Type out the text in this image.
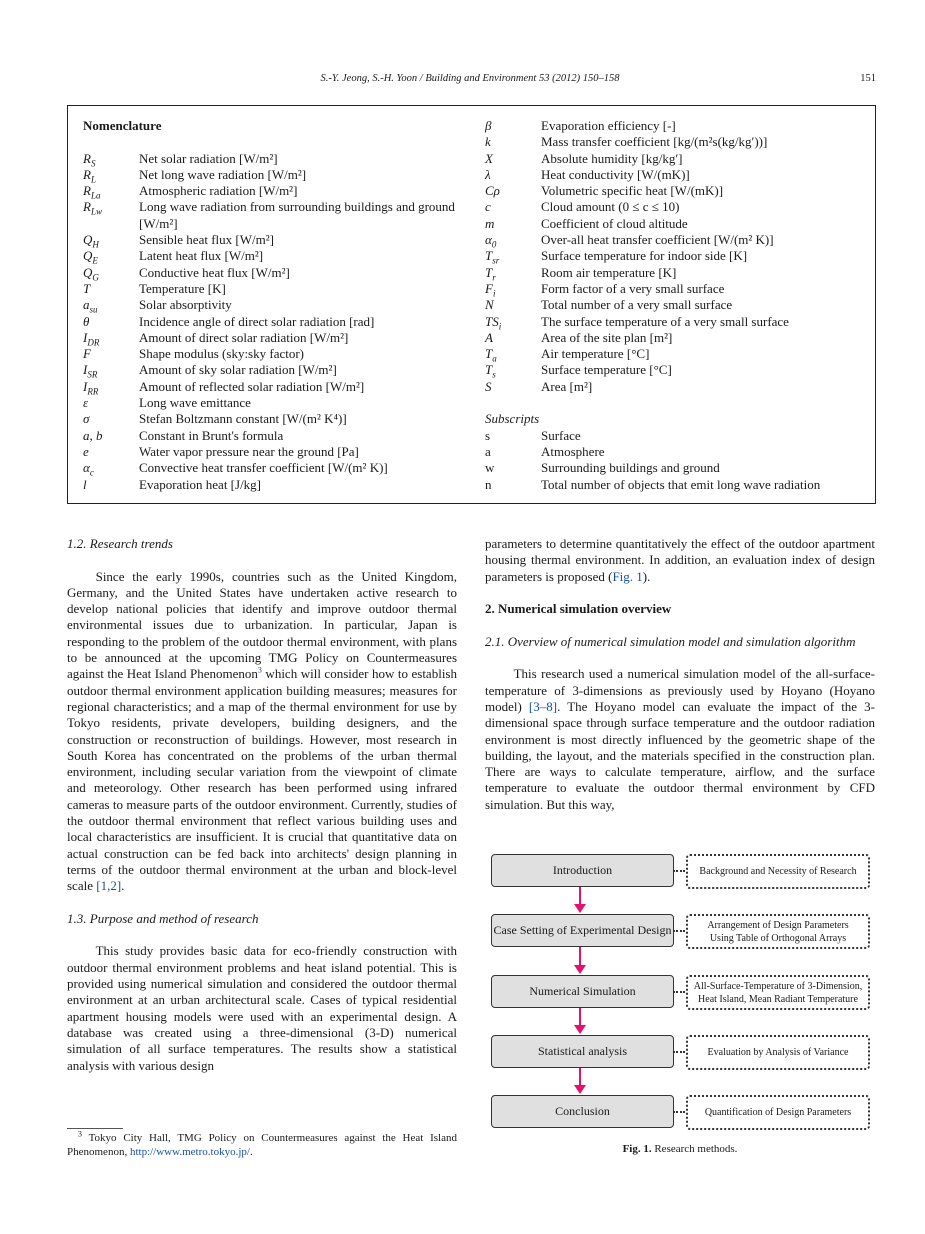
S.-Y. Jeong, S.-H. Yoon / Building and Environment 53 (2012) 150–158	151
Nomenclature
$R_S$	Net solar radiation [W/m²]
$R_L$	Net long wave radiation [W/m²]
$R_{La}$	Atmospheric radiation [W/m²]
$R_{Lw}$	Long wave radiation from surrounding buildings and ground [W/m²]
$Q_H$	Sensible heat flux [W/m²]
$Q_E$	Latent heat flux [W/m²]
$Q_G$	Conductive heat flux [W/m²]
T	Temperature [K]
$a_{su}$	Solar absorptivity
θ	Incidence angle of direct solar radiation [rad]
$I_{DR}$	Amount of direct solar radiation [W/m²]
F	Shape modulus (sky:sky factor)
$I_{SR}$	Amount of sky solar radiation [W/m²]
$I_{RR}$	Amount of reflected solar radiation [W/m²]
ε	Long wave emittance
σ	Stefan Boltzmann constant [W/(m² K⁴)]
a, b	Constant in Brunt's formula
e	Water vapor pressure near the ground [Pa]
$\alpha_c$	Convective heat transfer coefficient [W/(m² K)]
l	Evaporation heat [J/kg]
β	Evaporation efficiency [-]
k	Mass transfer coefficient [kg/(m²s(kg/kg′))]
X	Absolute humidity [kg/kg′]
λ	Heat conductivity [W/(mK)]
Cρ	Volumetric specific heat [W/(mK)]
c	Cloud amount (0 ≤ c ≤ 10)
m	Coefficient of cloud altitude
$\alpha_0$	Over-all heat transfer coefficient [W/(m² K)]
$T_{sr}$	Surface temperature for indoor side [K]
$T_r$	Room air temperature [K]
$F_i$	Form factor of a very small surface
N	Total number of a very small surface
$TS_i$	The surface temperature of a very small surface
A	Area of the site plan [m²]
$T_a$	Air temperature [°C]
$T_s$	Surface temperature [°C]
S	Area [m²]
Subscripts
s	Surface
a	Atmosphere
w	Surrounding buildings and ground
n	Total number of objects that emit long wave radiation

1.2. Research trends

Since the early 1990s, countries such as the United Kingdom, Germany, and the United States have undertaken active research to develop national policies that identify and improve outdoor thermal environmental issues due to urbanization. In particular, Japan is responding to the problem of the outdoor thermal environment, with plans to be announced at the upcoming TMG Policy on Countermeasures against the Heat Island Phenomenon$^3$ which will consider how to establish outdoor thermal environment application building measures; measures for regional characteristics; and a map of the thermal environment for use by Tokyo residents, private developers, building designers, and the construction or reconstruction of buildings. However, most research in South Korea has concentrated on the problems of the urban thermal environment, including secular variation from the viewpoint of climate and meteorology. Other research has been performed using infrared cameras to measure parts of the outdoor environment. Currently, studies of the outdoor thermal environment that reflect various building uses and local characteristics are insufficient. It is crucial that quantitative data on actual construction can be fed back into architects' design planning in terms of the outdoor thermal environment at the urban and block-level scale [1,2].

1.3. Purpose and method of research

This study provides basic data for eco-friendly construction with outdoor thermal environment problems and heat island potential. This is provided using numerical simulation and considered the outdoor thermal environment at an urban architectural scale. Cases of typical residential apartment housing models were used with an experimental design. A database was created using a three-dimensional (3-D) numerical simulation of all surface temperatures. The results show a statistical analysis with various design

$^3$ Tokyo City Hall, TMG Policy on Countermeasures against the Heat Island Phenomenon, http://www.metro.tokyo.jp/.

parameters to determine quantitatively the effect of the outdoor apartment housing thermal environment. In addition, an evaluation index of design parameters is proposed (Fig. 1).

2. Numerical simulation overview

2.1. Overview of numerical simulation model and simulation algorithm

This research used a numerical simulation model of the all-surface-temperature of 3-dimensions as previously used by Hoyano (Hoyano model) [3–8]. The Hoyano model can evaluate the impact of the 3-dimensional space through surface temperature and the outdoor radiation environment is most directly influenced by the geometric shape of the building, the layout, and the materials specified in the construction plan. There are ways to calculate temperature, airflow, and the surface temperature to evaluate the outdoor thermal environment by CFD simulation. But this way,

Introduction	Background and Necessity of Research
Case Setting of Experimental Design	Arrangement of Design Parameters
Using Table of Orthogonal Arrays
Numerical Simulation	All-Surface-Temperature of 3-Dimension,
Heat Island, Mean Radiant Temperature
Statistical analysis	Evaluation by Analysis of Variance
Conclusion	Quantification of Design Parameters
Fig. 1. Research methods.
